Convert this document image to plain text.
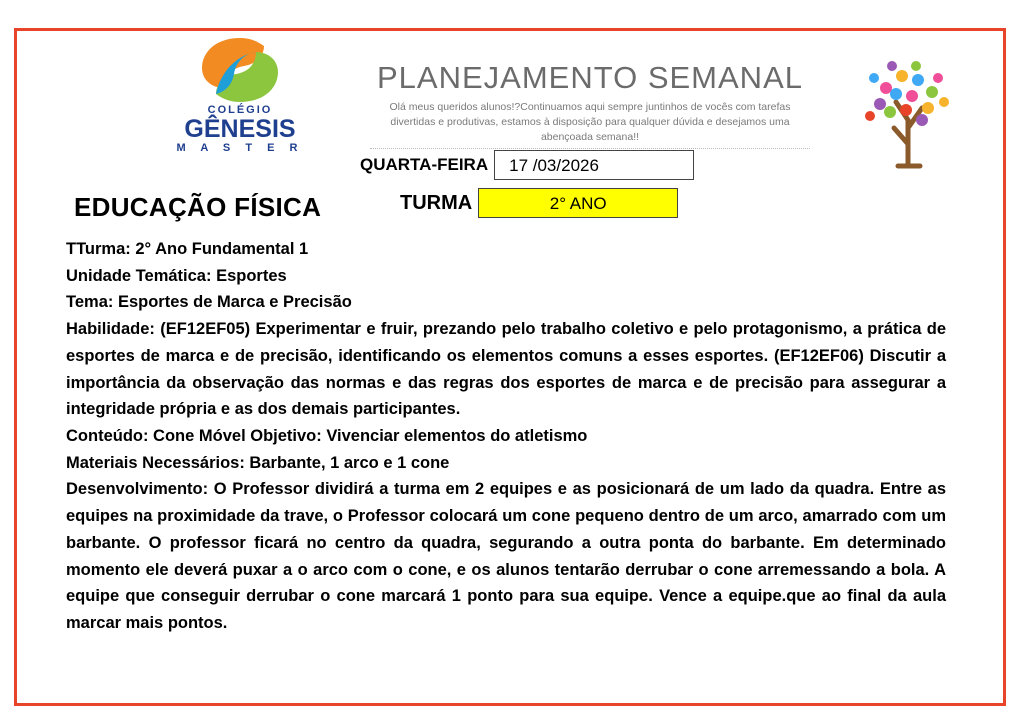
COLÉGIO
GÊNESIS
M A S T E R
PLANEJAMENTO SEMANAL
Olá meus queridos alunos!?Continuamos aqui sempre juntinhos de vocês com tarefas divertidas e produtivas, estamos à disposição para qualquer dúvida e desejamos uma abençoada semana!!
QUARTA-FEIRA	17 /03/2026
TURMA	2° ANO
EDUCAÇÃO FÍSICA

TTurma: 2° Ano Fundamental 1

Unidade Temática: Esportes

Tema: Esportes de Marca e Precisão

Habilidade: (EF12EF05) Experimentar e fruir, prezando pelo trabalho coletivo e pelo protagonismo, a prática de esportes de marca e de precisão, identificando os elementos comuns a esses esportes. (EF12EF06) Discutir a importância da observação das normas e das regras dos esportes de marca e de precisão para assegurar a integridade própria e as dos demais participantes.

Conteúdo: Cone Móvel Objetivo: Vivenciar elementos do atletismo

Materiais Necessários: Barbante, 1 arco e 1 cone

Desenvolvimento: O Professor dividirá a turma em 2 equipes e as posicionará de um lado da quadra. Entre as equipes na proximidade da trave, o Professor colocará um cone pequeno dentro de um arco, amarrado com um barbante. O professor ficará no centro da quadra, segurando a outra ponta do barbante. Em determinado momento ele deverá puxar a o arco com o cone, e os alunos tentarão derrubar o cone arremessando a bola. A equipe que conseguir derrubar o cone marcará 1 ponto para sua equipe. Vence a equipe.que ao final da aula marcar mais pontos.
